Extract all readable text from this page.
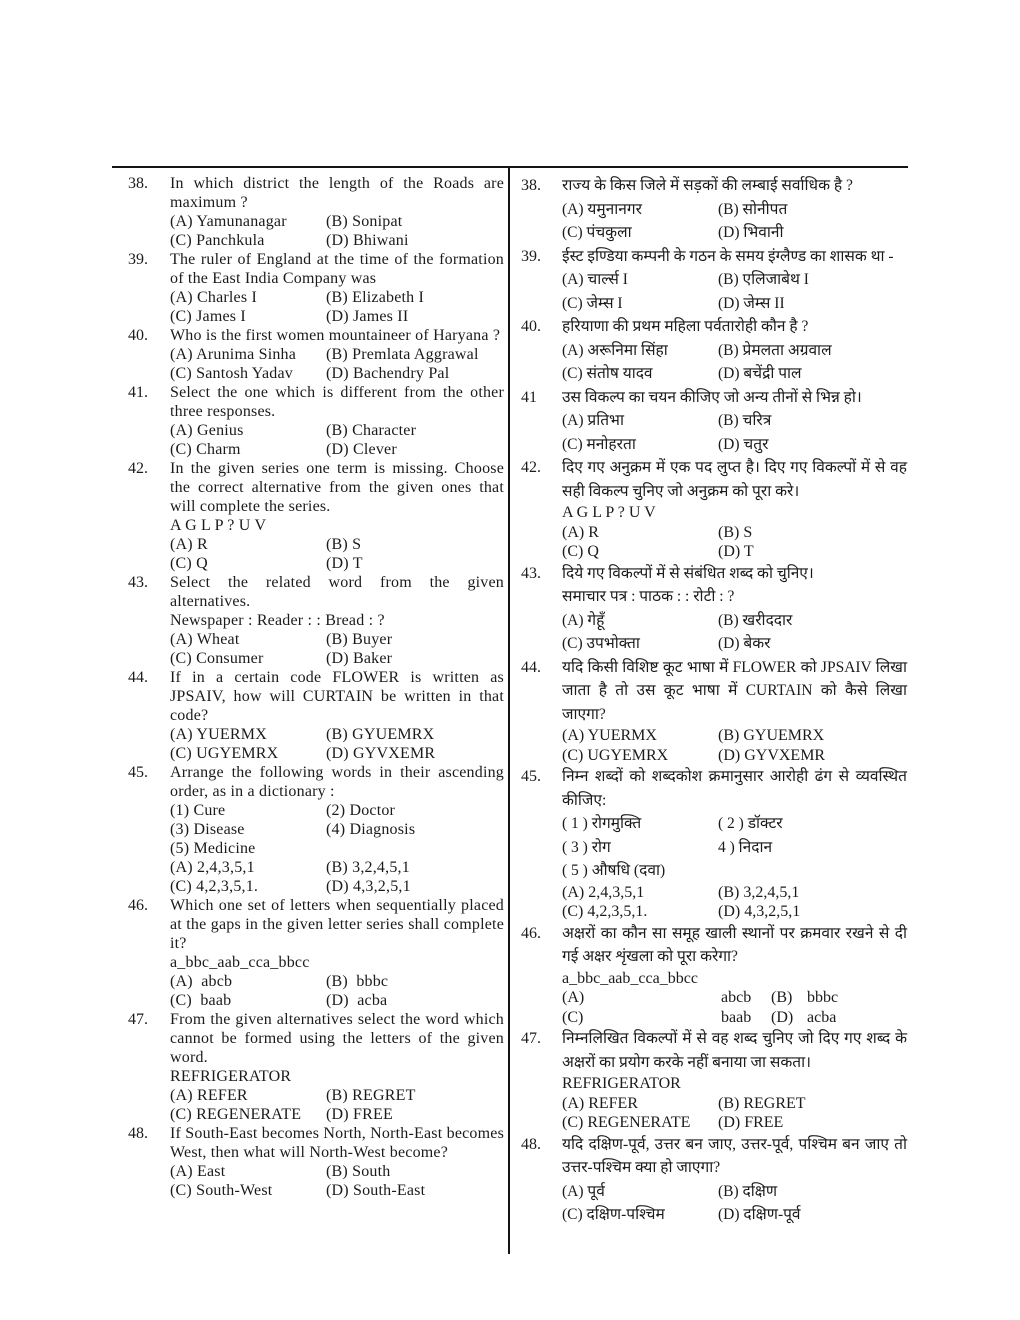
38.	In which district the length of the Roads are maximum ?
(A) Yamunanagar	(B) Sonipat
(C) Panchkula	(D) Bhiwani
39.	The ruler of England at the time of the formation of the East India Company was
(A) Charles I	(B) Elizabeth I
(C) James I	(D) James II
40.	Who is the first women mountaineer of Haryana ?
(A) Arunima Sinha	(B) Premlata Aggrawal
(C) Santosh Yadav	(D) Bachendry Pal
41.	Select the one which is different from the other three responses.
(A) Genius	(B) Character
(C) Charm	(D) Clever
42.	In the given series one term is missing. Choose the correct alternative from the given ones that will complete the series.
A G L P ? U V
(A) R	(B) S
(C) Q	(D) T
43.	Select the related word from the given alternatives.
Newspaper : Reader : : Bread : ?
(A) Wheat	(B) Buyer
(C) Consumer	(D) Baker
44.	If in a certain code FLOWER is written as JPSAIV, how will CURTAIN be written in that code?
(A) YUERMX	(B) GYUEMRX
(C) UGYEMRX	(D) GYVXEMR
45.	Arrange the following words in their ascending order, as in a dictionary :
(1) Cure	(2) Doctor
(3) Disease	(4) Diagnosis
(5) Medicine
(A) 2,4,3,5,1	(B) 3,2,4,5,1
(C) 4,2,3,5,1.	(D) 4,3,2,5,1
46.	Which one set of letters when sequentially placed at the gaps in the given letter series shall complete it?
a_bbc_aab_cca_bbcc
(A)  abcb	(B)  bbbc
(C)  baab	(D)  acba
47.	From the given alternatives select the word which cannot be formed using the letters of the given word.
REFRIGERATOR
(A) REFER	(B) REGRET
(C) REGENERATE	(D) FREE
48.	If South-East becomes North, North-East becomes West, then what will North-West become?
(A) East	(B) South
(C) South-West	(D) South-East
38.	राज्य के किस जिले में सड़कों की लम्बाई सर्वाधिक है ?
(A) यमुनानगर	(B) सोनीपत
(C) पंचकुला	(D) भिवानी
39.	ईस्ट इण्डिया कम्पनी के गठन के समय इंग्लैण्ड का शासक था -
(A) चार्ल्स I	(B) एलिजाबेथ I
(C) जेम्स I	(D) जेम्स II
40.	हरियाणा की प्रथम महिला पर्वतारोही कौन है ?
(A) अरूनिमा सिंहा	(B) प्रेमलता अग्रवाल
(C) संतोष यादव	(D) बचेंद्री पाल
41	उस विकल्प का चयन कीजिए जो अन्य तीनों से भिन्न हो।
(A) प्रतिभा	(B) चरित्र
(C) मनोहरता	(D) चतुर
42.	दिए गए अनुक्रम में एक पद लुप्त है। दिए गए विकल्पों में से वह सही विकल्प चुनिए जो अनुक्रम को पूरा करे।
A G L P ? U V
(A) R	(B) S
(C) Q	(D) T
43.	दिये गए विकल्पों में से संबंधित शब्द को चुनिए।
समाचार पत्र : पाठक : : रोटी : ?
(A) गेहूँ	(B) खरीददार
(C) उपभोक्ता	(D) बेकर
44.	यदि किसी विशिष्ट कूट भाषा में FLOWER को JPSAIV लिखा जाता है तो उस कूट भाषा में CURTAIN को कैसे लिखा जाएगा?
(A) YUERMX	(B) GYUEMRX
(C) UGYEMRX	(D) GYVXEMR
45.	निम्न शब्दों को शब्दकोश क्रमानुसार आरोही ढंग से व्यवस्थित कीजिए:
( 1 ) रोगमुक्ति	( 2 ) डॉक्टर
( 3 ) रोग	4 ) निदान
( 5 ) औषधि (दवा)
(A) 2,4,3,5,1	(B) 3,2,4,5,1
(C) 4,2,3,5,1.	(D) 4,3,2,5,1
46.	अक्षरों का कौन सा समूह खाली स्थानों पर क्रमवार रखने से दी गई अक्षर शृंखला को पूरा करेगा?
a_bbc_aab_cca_bbcc
(A)	abcb	(B) bbbc
(C)	baab	(D) acba
47.	निम्नलिखित विकल्पों में से वह शब्द चुनिए जो दिए गए शब्द के अक्षरों का प्रयोग करके नहीं बनाया जा सकता।
REFRIGERATOR
(A) REFER	(B) REGRET
(C) REGENERATE	(D) FREE
48.	यदि दक्षिण-पूर्व, उत्तर बन जाए, उत्तर-पूर्व, पश्चिम बन जाए तो उत्तर-पश्चिम क्या हो जाएगा?
(A) पूर्व	(B) दक्षिण
(C) दक्षिण-पश्चिम	(D) दक्षिण-पूर्व
